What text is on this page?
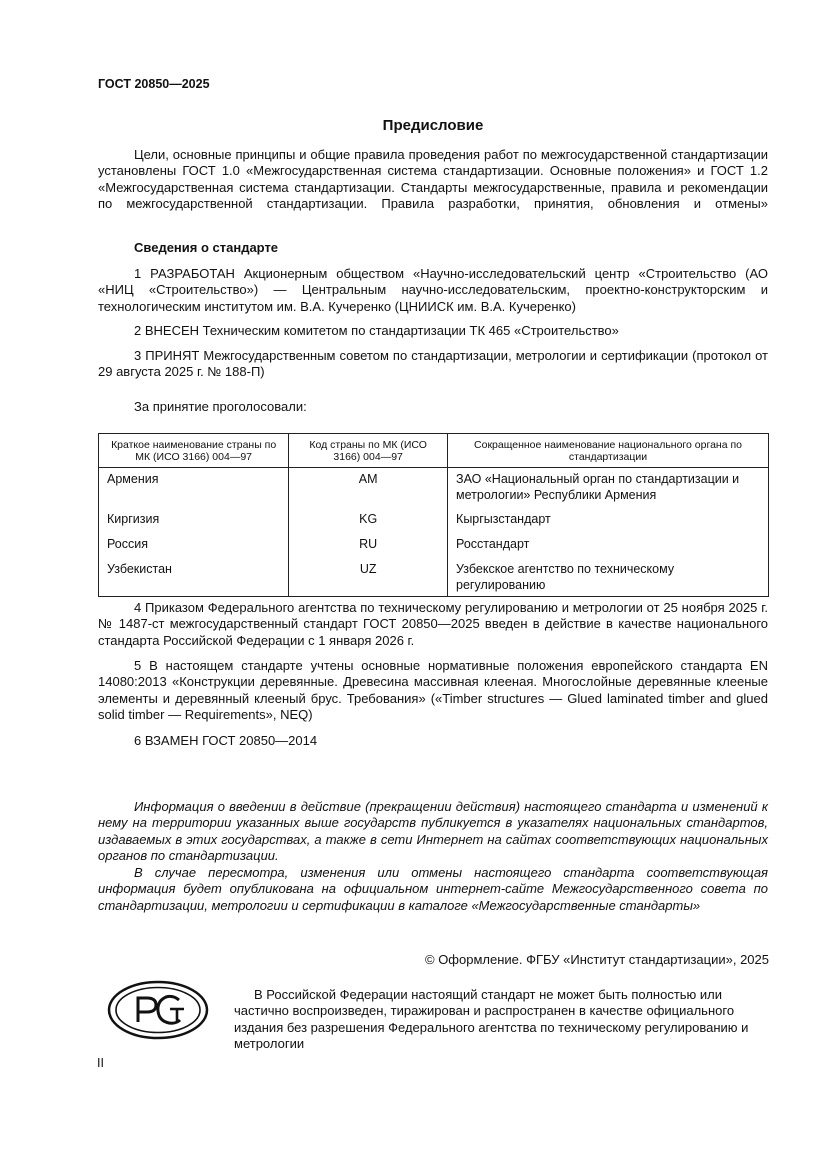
ГОСТ 20850—2025
Предисловие
Цели, основные принципы и общие правила проведения работ по межгосударственной стандартизации установлены ГОСТ 1.0 «Межгосударственная система стандартизации. Основные положения» и ГОСТ 1.2 «Межгосударственная система стандартизации. Стандарты межгосударственные, правила и рекомендации по межгосударственной стандартизации. Правила разработки, принятия, обновления и отмены»
Сведения о стандарте
1 РАЗРАБОТАН Акционерным обществом «Научно-исследовательский центр «Строительство (АО «НИЦ «Строительство») — Центральным научно-исследовательским, проектно-конструкторским и технологическим институтом им. В.А. Кучеренко (ЦНИИСК им. В.А. Кучеренко)
2 ВНЕСЕН Техническим комитетом по стандартизации ТК 465 «Строительство»
3 ПРИНЯТ Межгосударственным советом по стандартизации, метрологии и сертификации (протокол от 29 августа 2025 г. № 188-П)
За принятие проголосовали:
Краткое наименование страны по МК (ИСО 3166) 004—97	Код страны по МК (ИСО 3166) 004—97	Сокращенное наименование национального органа по стандартизации
Армения	AM	ЗАО «Национальный орган по стандартизации и метрологии» Республики Армения
Киргизия	KG	Кыргызстандарт
Россия	RU	Росстандарт
Узбекистан	UZ	Узбекское агентство по техническому регулированию
4 Приказом Федерального агентства по техническому регулированию и метрологии от 25 ноября 2025 г. № 1487-ст межгосударственный стандарт ГОСТ 20850—2025 введен в действие в качестве национального стандарта Российской Федерации с 1 января 2026 г.
5 В настоящем стандарте учтены основные нормативные положения европейского стандарта EN 14080:2013 «Конструкции деревянные. Древесина массивная клееная. Многослойные деревянные клееные элементы и деревянный клееный брус. Требования» («Timber structures — Glued laminated timber and glued solid timber — Requirements», NEQ)
6 ВЗАМЕН ГОСТ 20850—2014
Информация о введении в действие (прекращении действия) настоящего стандарта и изменений к нему на территории указанных выше государств публикуется в указателях национальных стандартов, издаваемых в этих государствах, а также в сети Интернет на сайтах соответствующих национальных органов по стандартизации.
В случае пересмотра, изменения или отмены настоящего стандарта соответствующая информация будет опубликована на официальном интернет-сайте Межгосударственного совета по стандартизации, метрологии и сертификации в каталоге «Межгосударственные стандарты»
© Оформление. ФГБУ «Институт стандартизации», 2025
В Российской Федерации настоящий стандарт не может быть полностью или частично воспроизведен, тиражирован и распространен в качестве официального издания без разрешения Федерального агентства по техническому регулированию и метрологии
II
